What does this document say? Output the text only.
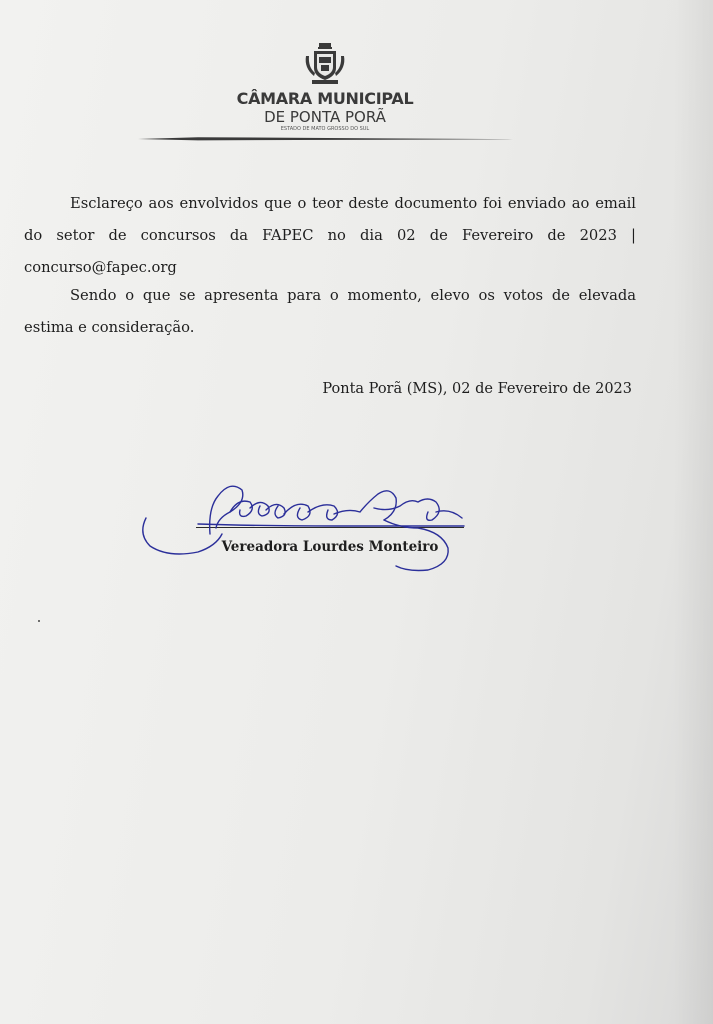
CÂMARA MUNICIPAL
DE PONTA PORÃ
ESTADO DE MATO GROSSO DO SUL

Esclareço aos envolvidos que o teor deste documento foi enviado ao email do setor de concursos da FAPEC no dia 02 de Fevereiro de 2023 | concurso@fapec.org

Sendo o que se apresenta para o momento, elevo os votos de elevada estima e consideração.

Ponta Porã (MS), 02 de Fevereiro de 2023
Vereadora Lourdes Monteiro
